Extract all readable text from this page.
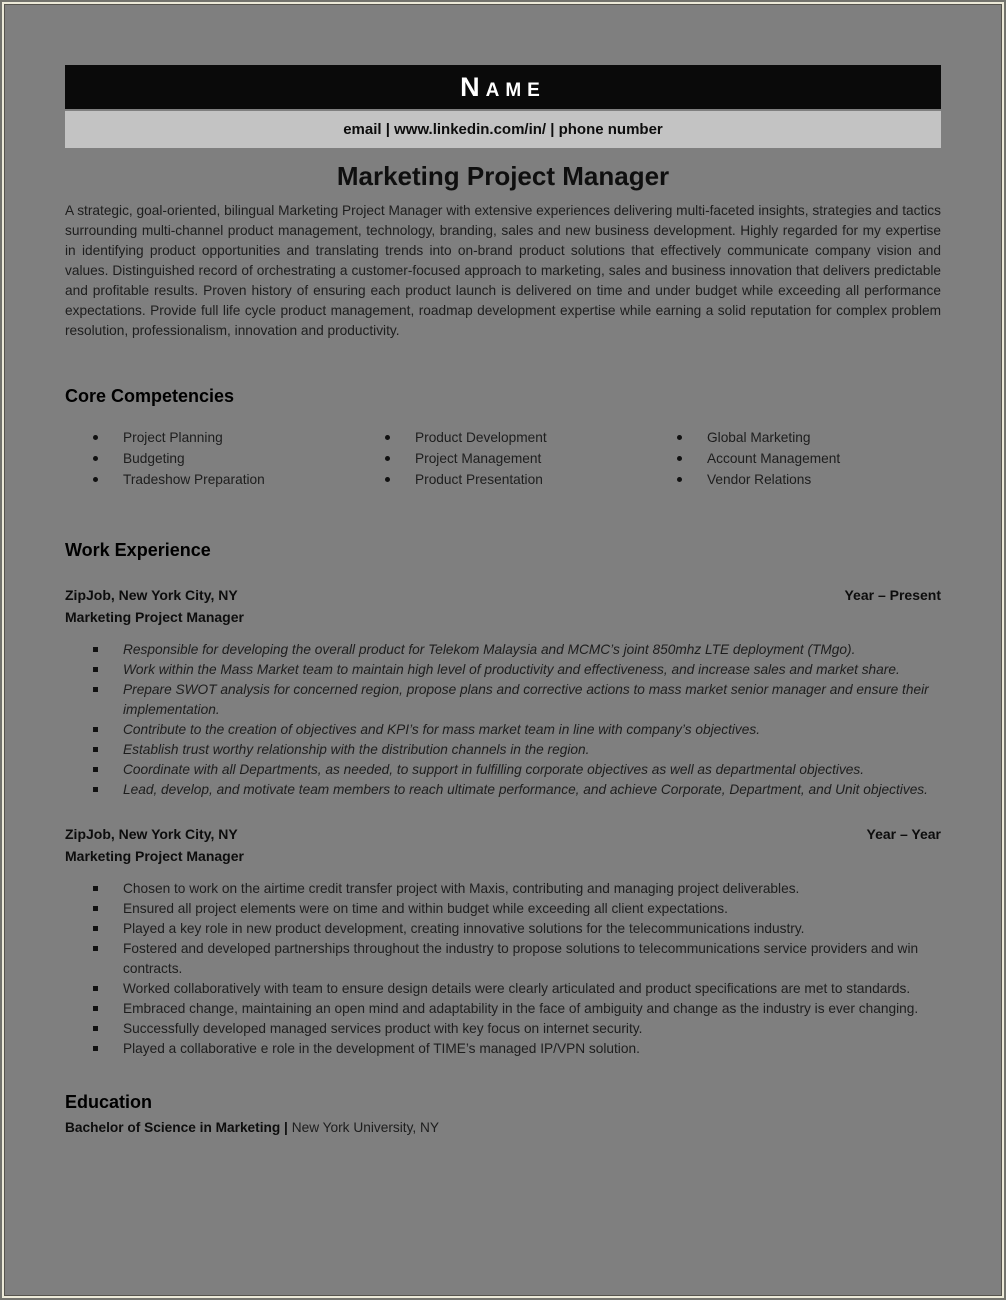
Name
email | www.linkedin.com/in/ | phone number
Marketing Project Manager

A strategic, goal-oriented, bilingual Marketing Project Manager with extensive experiences delivering multi-faceted insights, strategies and tactics surrounding multi-channel product management, technology, branding, sales and new business development. Highly regarded for my expertise in identifying product opportunities and translating trends into on-brand product solutions that effectively communicate company vision and values. Distinguished record of orchestrating a customer-focused approach to marketing, sales and business innovation that delivers predictable and profitable results. Proven history of ensuring each product launch is delivered on time and under budget while exceeding all performance expectations. Provide full life cycle product management, roadmap development expertise while earning a solid reputation for complex problem resolution, professionalism, innovation and productivity.

Core Competencies
Project Planning
Budgeting
Tradeshow Preparation
Product Development
Project Management
Product Presentation
Global Marketing
Account Management
Vendor Relations
Work Experience
ZipJob, New York City, NY	Year – Present
Marketing Project Manager
Responsible for developing the overall product for Telekom Malaysia and MCMC’s joint 850mhz LTE deployment (TMgo).
Work within the Mass Market team to maintain high level of productivity and effectiveness, and increase sales and market share.
Prepare SWOT analysis for concerned region, propose plans and corrective actions to mass market senior manager and ensure their implementation.
Contribute to the creation of objectives and KPI’s for mass market team in line with company’s objectives.
Establish trust worthy relationship with the distribution channels in the region.
Coordinate with all Departments, as needed, to support in fulfilling corporate objectives as well as departmental objectives.
Lead, develop, and motivate team members to reach ultimate performance, and achieve Corporate, Department, and Unit objectives.
ZipJob, New York City, NY	Year – Year
Marketing Project Manager
Chosen to work on the airtime credit transfer project with Maxis, contributing and managing project deliverables.
Ensured all project elements were on time and within budget while exceeding all client expectations.
Played a key role in new product development, creating innovative solutions for the telecommunications industry.
Fostered and developed partnerships throughout the industry to propose solutions to telecommunications service providers and win contracts.
Worked collaboratively with team to ensure design details were clearly articulated and product specifications are met to standards.
Embraced change, maintaining an open mind and adaptability in the face of ambiguity and change as the industry is ever changing.
Successfully developed managed services product with key focus on internet security.
Played a collaborative e role in the development of TIME’s managed IP/VPN solution.
Education

Bachelor of Science in Marketing | New York University, NY
